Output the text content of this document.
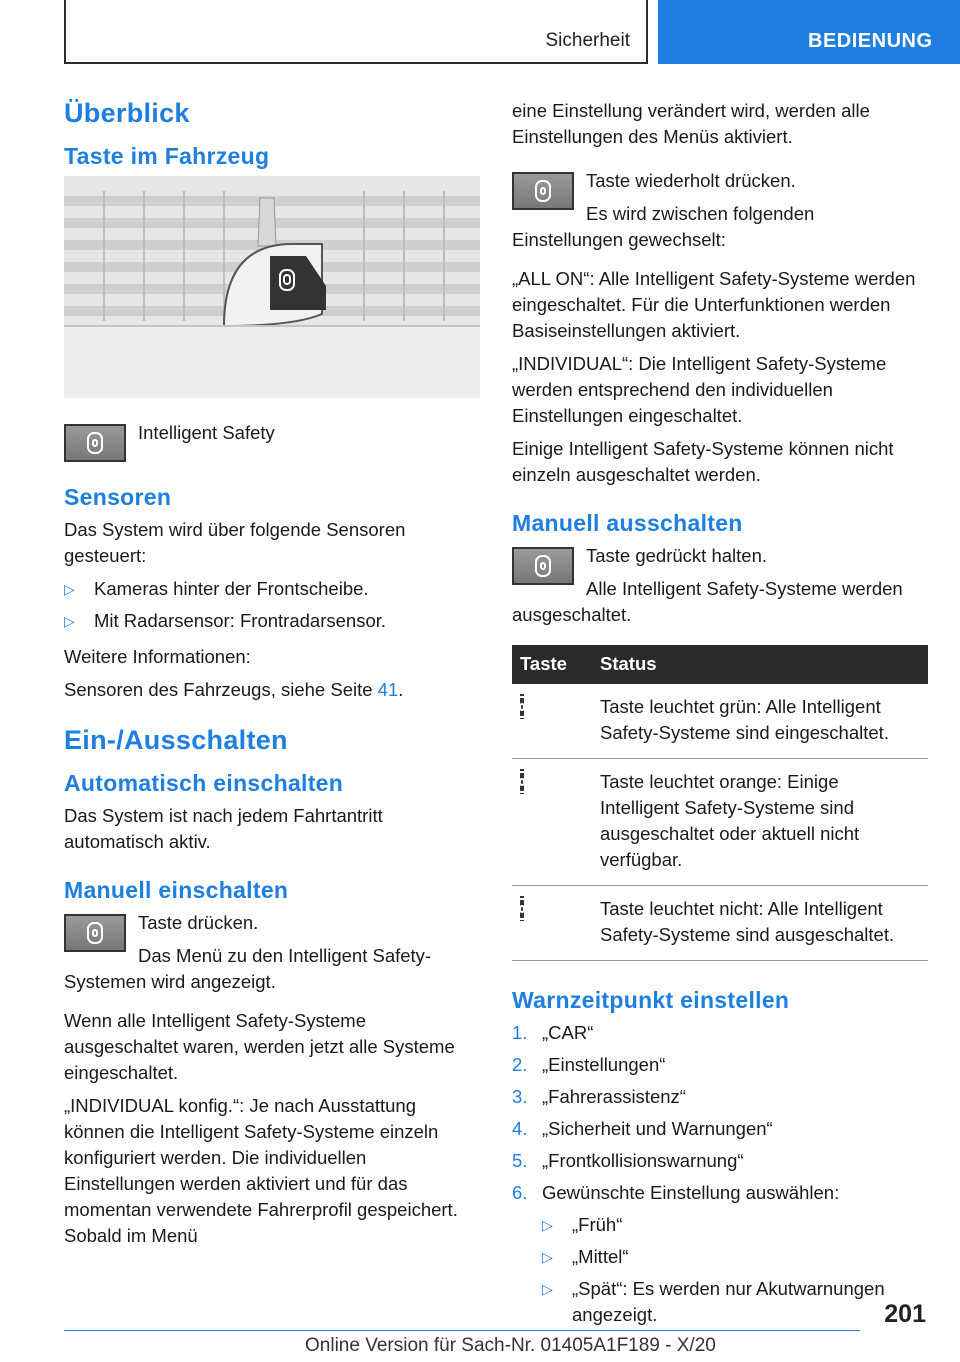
Sicherheit	BEDIENUNG
Überblick
Taste im Fahrzeug

Intelligent Safety

Sensoren

Das System wird über folgende Sensoren gesteuert:

▷ Kameras hinter der Frontscheibe.
▷ Mit Radarsensor: Frontradarsensor.

Weitere Informationen:

Sensoren des Fahrzeugs, siehe Seite 41.

Ein-/Ausschalten
Automatisch einschalten

Das System ist nach jedem Fahrtantritt automatisch aktiv.

Manuell einschalten

Taste drücken.

Das Menü zu den Intelligent Safety-Systemen wird angezeigt.

Wenn alle Intelligent Safety-Systeme ausgeschaltet waren, werden jetzt alle Systeme eingeschaltet.

„INDIVIDUAL konfig.“: Je nach Ausstattung können die Intelligent Safety-Systeme einzeln konfiguriert werden. Die individuellen Einstellungen werden aktiviert und für das momentan verwendete Fahrerprofil gespeichert. Sobald im Menü

eine Einstellung verändert wird, werden alle Einstellungen des Menüs aktiviert.

Taste wiederholt drücken.

Es wird zwischen folgenden Einstellungen gewechselt:

„ALL ON“: Alle Intelligent Safety-Systeme werden eingeschaltet. Für die Unterfunktionen werden Basiseinstellungen aktiviert.

„INDIVIDUAL“: Die Intelligent Safety-Systeme werden entsprechend den individuellen Einstellungen eingeschaltet.

Einige Intelligent Safety-Systeme können nicht einzeln ausgeschaltet werden.

Manuell ausschalten

Taste gedrückt halten.

Alle Intelligent Safety-Systeme werden ausgeschaltet.

Taste	Status

	Taste leuchtet grün: Alle Intelligent Safety-Systeme sind eingeschaltet.

	Taste leuchtet orange: Einige Intelligent Safety-Systeme sind ausgeschaltet oder aktuell nicht verfügbar.

	Taste leuchtet nicht: Alle Intelligent Safety-Systeme sind ausgeschaltet.
Warnzeitpunkt einstellen
1. „CAR“
2. „Einstellungen“
3. „Fahrerassistenz“
4. „Sicherheit und Warnungen“
5. „Frontkollisionswarnung“
6. Gewünschte Einstellung auswählen:
▷ „Früh“
▷ „Mittel“
▷ „Spät“: Es werden nur Akutwarnungen angezeigt.	201
Online Version für Sach-Nr. 01405A1F189 - X/20
